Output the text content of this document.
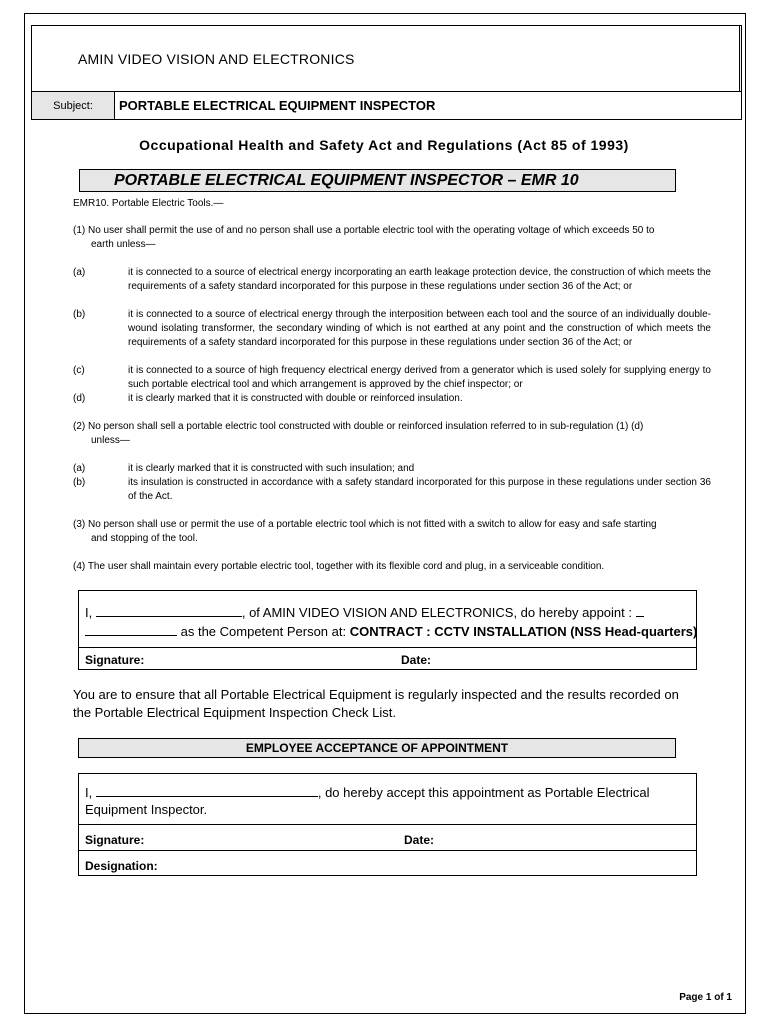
AMIN VIDEO VISION AND ELECTRONICS		
Subject:	PORTABLE ELECTRICAL EQUIPMENT INSPECTOR	
Occupational Health and Safety Act and Regulations (Act 85 of 1993)
PORTABLE ELECTRICAL EQUIPMENT INSPECTOR – EMR 10
EMR10. Portable Electric Tools.—
(1) No user shall permit the use of and no person shall use a portable electric tool with the operating voltage of which exceeds 50 to
earth unless—
(a)	it is connected to a source of electrical energy incorporating an earth leakage protection device, the construction of which meets the requirements of a safety standard incorporated for this purpose in these regulations under section 36 of the Act; or
(b)	it is connected to a source of electrical energy through the interposition between each tool and the source of an individually double-wound isolating transformer, the secondary winding of which is not earthed at any point and the construction of which meets the requirements of a safety standard incorporated for this purpose in these regulations under section 36 of the Act; or
(c)	it is connected to a source of high frequency electrical energy derived from a generator which is used solely for supplying energy to such portable electrical tool and which arrangement is approved by the chief inspector; or
(d)	it is clearly marked that it is constructed with double or reinforced insulation.
(2) No person shall sell a portable electric tool constructed with double or reinforced insulation referred to in sub-regulation (1) (d)
unless—
(a)	it is clearly marked that it is constructed with such insulation; and
(b)	its insulation is constructed in accordance with a safety standard incorporated for this purpose in these regulations under section 36 of the Act.
(3) No person shall use or permit the use of a portable electric tool which is not fitted with a switch to allow for easy and safe starting
and stopping of the tool.
(4) The user shall maintain every portable electric tool, together with its flexible cord and plug, in a serviceable condition.
I,	, of AMIN VIDEO VISION AND ELECTRONICS, do hereby appoint :
as the Competent Person at: CONTRACT : CCTV INSTALLATION (NSS Head-quarters)
Signature:	Date:
You are to ensure that all Portable Electrical Equipment is regularly inspected and the results recorded on the Portable Electrical Equipment Inspection Check List.
EMPLOYEE ACCEPTANCE OF APPOINTMENT
I,	, do hereby accept this appointment as Portable Electrical Equipment Inspector.
Signature:	Date:
Designation:
Page 1 of 1
